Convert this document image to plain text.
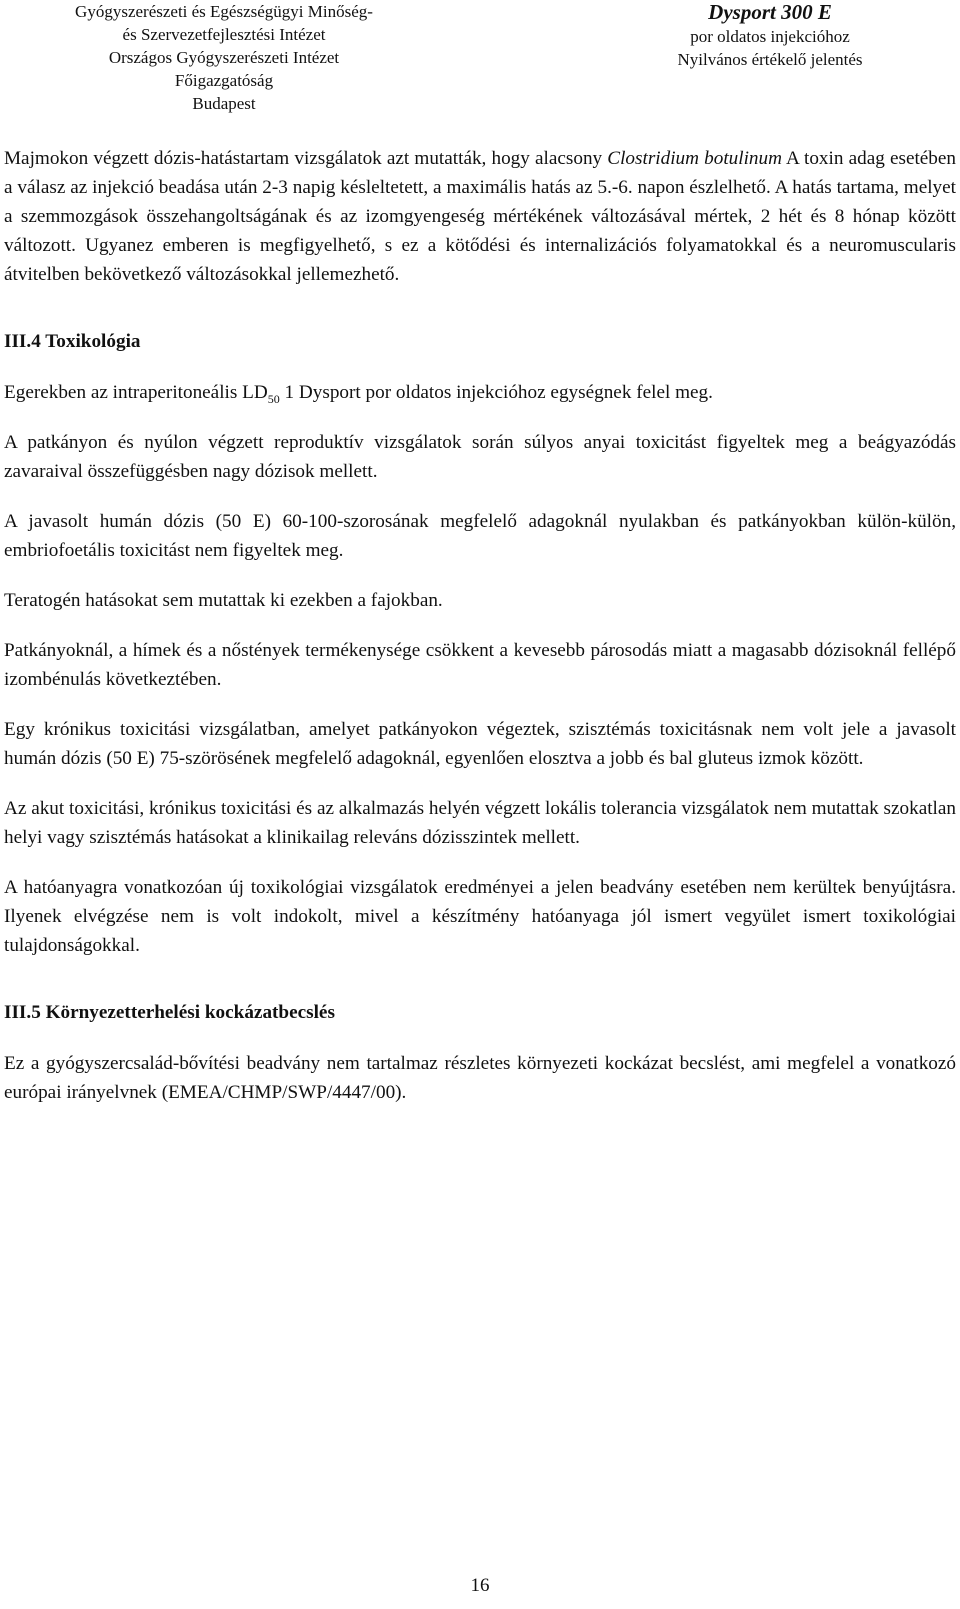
Gyógyszerészeti és Egészségügyi Minőség-
és Szervezetfejlesztési Intézet
Országos Gyógyszerészeti Intézet
Főigazgatóság
Budapest
Dysport 300 E
por oldatos injekcióhoz
Nyilvános értékelő jelentés

Majmokon végzett dózis-hatástartam vizsgálatok azt mutatták, hogy alacsony Clostridium botulinum A toxin adag esetében a válasz az injekció beadása után 2-3 napig késleltetett, a maximális hatás az 5.-6. napon észlelhető. A hatás tartama, melyet a szemmozgások összehangoltságának és az izomgyengeség mértékének változásával mértek, 2 hét és 8 hónap között változott. Ugyanez emberen is megfigyelhető, s ez a kötődési és internalizációs folyamatokkal és a neuromuscularis átvitelben bekövetkező változásokkal jellemezhető.

III.4 Toxikológia

Egerekben az intraperitoneális $LD_{50}$ 1 Dysport por oldatos injekcióhoz egységnek felel meg.

A patkányon és nyúlon végzett reproduktív vizsgálatok során súlyos anyai toxicitást figyeltek meg a beágyazódás zavaraival összefüggésben nagy dózisok mellett.

A javasolt humán dózis (50 E) 60-100-szorosának megfelelő adagoknál nyulakban és patkányokban külön-külön, embriofoetális toxicitást nem figyeltek meg.

Teratogén hatásokat sem mutattak ki ezekben a fajokban.

Patkányoknál, a hímek és a nőstények termékenysége csökkent a kevesebb párosodás miatt a magasabb dózisoknál fellépő izombénulás következtében.

Egy krónikus toxicitási vizsgálatban, amelyet patkányokon végeztek, szisztémás toxicitásnak nem volt jele a javasolt humán dózis (50 E) 75-szörösének megfelelő adagoknál, egyenlően elosztva a jobb és bal gluteus izmok között.

Az akut toxicitási, krónikus toxicitási és az alkalmazás helyén végzett lokális tolerancia vizsgálatok nem mutattak szokatlan helyi vagy szisztémás hatásokat a klinikailag releváns dózisszintek mellett.

A hatóanyagra vonatkozóan új toxikológiai vizsgálatok eredményei a jelen beadvány esetében nem kerültek benyújtásra. Ilyenek elvégzése nem is volt indokolt, mivel a készítmény hatóanyaga jól ismert vegyület ismert toxikológiai tulajdonságokkal.

III.5 Környezetterhelési kockázatbecslés

Ez a gyógyszercsalád-bővítési beadvány nem tartalmaz részletes környezeti kockázat becslést, ami megfelel a vonatkozó európai irányelvnek (EMEA/CHMP/SWP/4447/00).

16
